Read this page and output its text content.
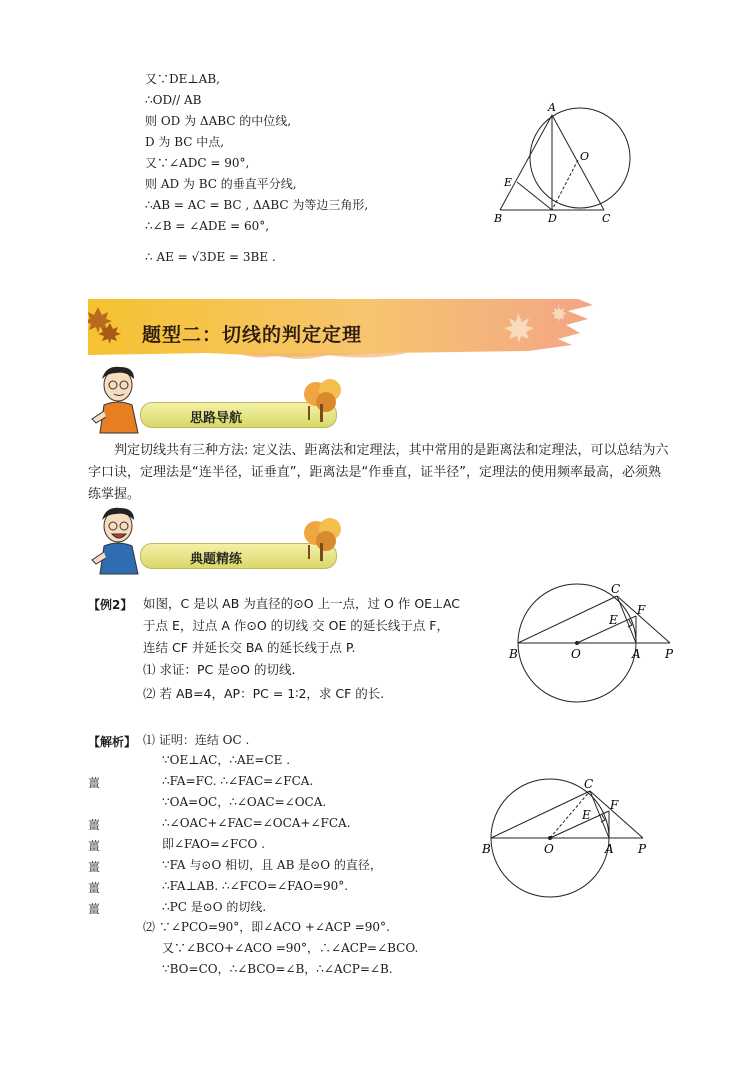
又∵DE⊥AB,
∴OD// AB
则 OD 为 ΔABC 的中位线,
D 为 BC 中点,
又∵∠ADC = 90°,
则 AD 为 BC 的垂直平分线,
∴AB = AC = BC , ΔABC 为等边三角形,
∴∠B = ∠ADE = 60°,
∴ AE = √3DE = 3BE .
A
O
E
B	D	C
题型二：切线的判定定理
思路导航
判定切线共有三种方法: 定义法、距离法和定理法，其中常用的是距离法和定理法，可以总结为六字口诀，定理法是“连半径，证垂直”，距离法是“作垂直，证半径”，定理法的使用频率最高，必须熟练掌握。
典题精练
【例2】 如图，C 是以 AB 为直径的⊙O 上一点，过 O 作 OE⊥AC
于点 E，过点 A 作⊙O 的切线 交 OE 的延长线于点 F，
连结 CF 并延长交 BA 的延长线于点 P.
⑴ 求证：PC 是⊙O 的切线.
⑵ 若 AB=4，AP：PC = 1∶2，求 CF 的长.
C
F
E
B	O	A P
【解析】 ⑴ 证明：连结 OC .
∵OE⊥AC，∴AE=CE .
∴FA=FC. ∴∠FAC=∠FCA.
∵OA=OC，∴∠OAC=∠OCA.
∴∠OAC+∠FAC=∠OCA+∠FCA.
即∠FAO=∠FCO .
∵FA 与⊙O 相切，且 AB 是⊙O 的直径，
∴FA⊥AB. ∴∠FCO=∠FAO=90°.
∴PC 是⊙O 的切线.
⑵ ∵∠PCO=90°，即∠ACO +∠ACP =90°.
又∵∠BCO+∠ACO =90°，∴∠ACP=∠BCO.
∵BO=CO，∴∠BCO=∠B，∴∠ACP=∠B.
薑
薑
薑
薑
薑
薑
C
F
E
B	O	A P
